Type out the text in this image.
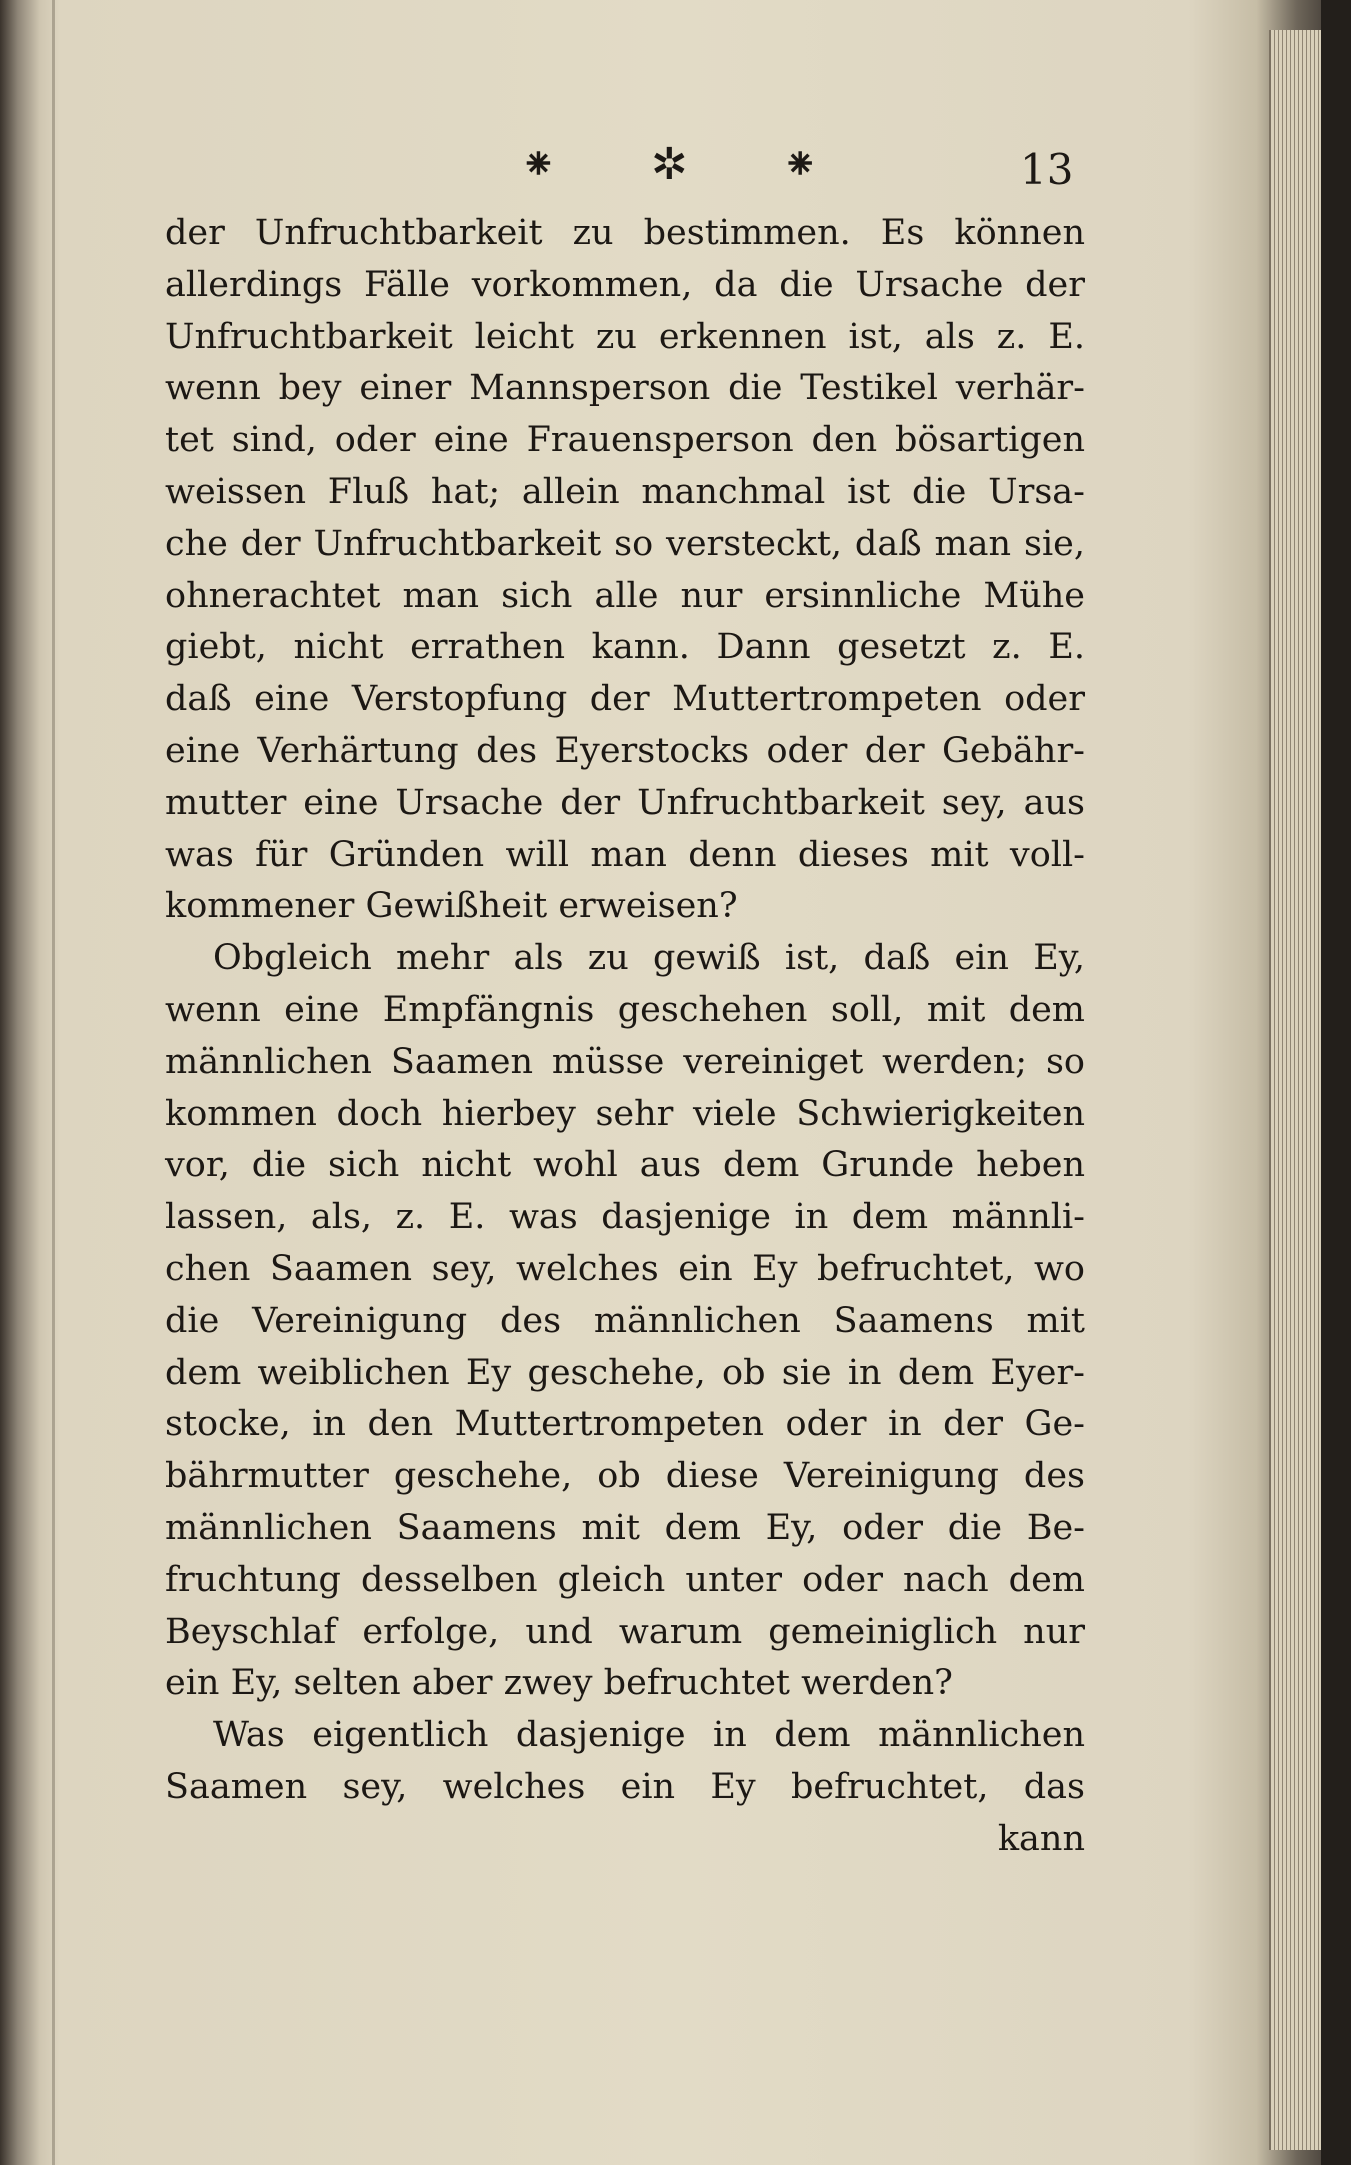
⁕ ✲ ⁕	13
der Unfruchtbarkeit zu bestimmen. Es können
allerdings Fälle vorkommen, da die Ursache der
Unfruchtbarkeit leicht zu erkennen ist, als z. E.
wenn bey einer Mannsperson die Testikel verhär-
tet sind, oder eine Frauensperson den bösartigen
weissen Fluß hat; allein manchmal ist die Ursa-
che der Unfruchtbarkeit so versteckt, daß man sie,
ohnerachtet man sich alle nur ersinnliche Mühe
giebt, nicht errathen kann. Dann gesetzt z. E.
daß eine Verstopfung der Muttertrompeten oder
eine Verhärtung des Eyerstocks oder der Gebähr-
mutter eine Ursache der Unfruchtbarkeit sey, aus
was für Gründen will man denn dieses mit voll-
kommener Gewißheit erweisen?
Obgleich mehr als zu gewiß ist, daß ein Ey,
wenn eine Empfängnis geschehen soll, mit dem
männlichen Saamen müsse vereiniget werden; so
kommen doch hierbey sehr viele Schwierigkeiten
vor, die sich nicht wohl aus dem Grunde heben
lassen, als, z. E. was dasjenige in dem männli-
chen Saamen sey, welches ein Ey befruchtet, wo
die Vereinigung des männlichen Saamens mit
dem weiblichen Ey geschehe, ob sie in dem Eyer-
stocke, in den Muttertrompeten oder in der Ge-
bährmutter geschehe, ob diese Vereinigung des
männlichen Saamens mit dem Ey, oder die Be-
fruchtung desselben gleich unter oder nach dem
Beyschlaf erfolge, und warum gemeiniglich nur
ein Ey, selten aber zwey befruchtet werden?
Was eigentlich dasjenige in dem männlichen
Saamen sey, welches ein Ey befruchtet, das
kann
